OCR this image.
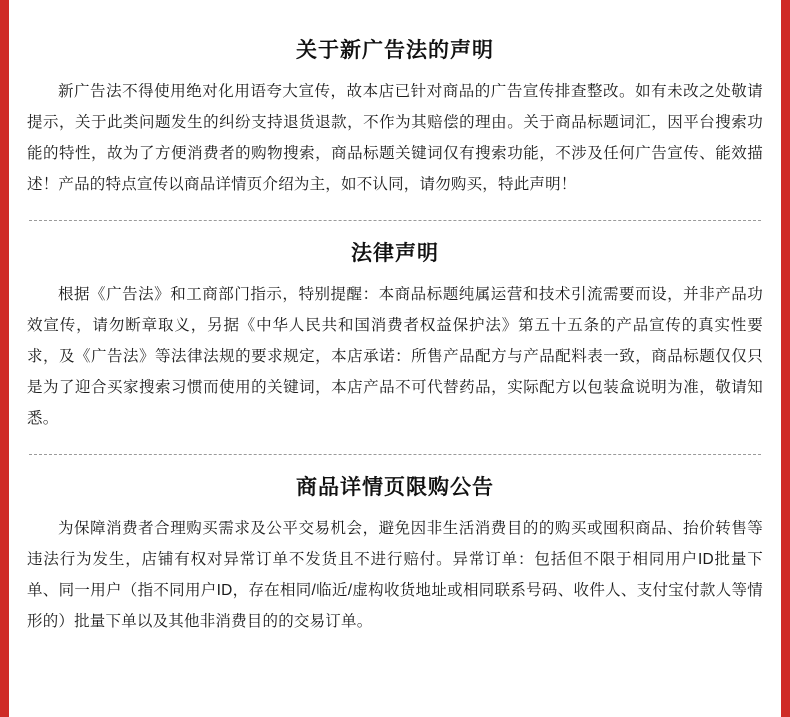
关于新广告法的声明

新广告法不得使用绝对化用语夸大宣传，故本店已针对商品的广告宣传排查整改。如有未改之处敬请提示，关于此类问题发生的纠纷支持退货退款，不作为其赔偿的理由。关于商品标题词汇，因平台搜索功能的特性，故为了方便消费者的购物搜索，商品标题关键词仅有搜索功能，不涉及任何广告宣传、能效描述！产品的特点宣传以商品详情页介绍为主，如不认同，请勿购买，特此声明！

法律声明

根据《广告法》和工商部门指示，特别提醒：本商品标题纯属运营和技术引流需要而设，并非产品功效宣传，请勿断章取义，另据《中华人民共和国消费者权益保护法》第五十五条的产品宣传的真实性要求，及《广告法》等法律法规的要求规定，本店承诺：所售产品配方与产品配料表一致，商品标题仅仅只是为了迎合买家搜索习惯而使用的关键词，本店产品不可代替药品，实际配方以包装盒说明为准，敬请知悉。

商品详情页限购公告

为保障消费者合理购买需求及公平交易机会，避免因非生活消费目的的购买或囤积商品、抬价转售等违法行为发生，店铺有权对异常订单不发货且不进行赔付。异常订单：包括但不限于相同用户ID批量下单、同一用户（指不同用户ID，存在相同/临近/虚构收货地址或相同联系号码、收件人、支付宝付款人等情形的）批量下单以及其他非消费目的的交易订单。
